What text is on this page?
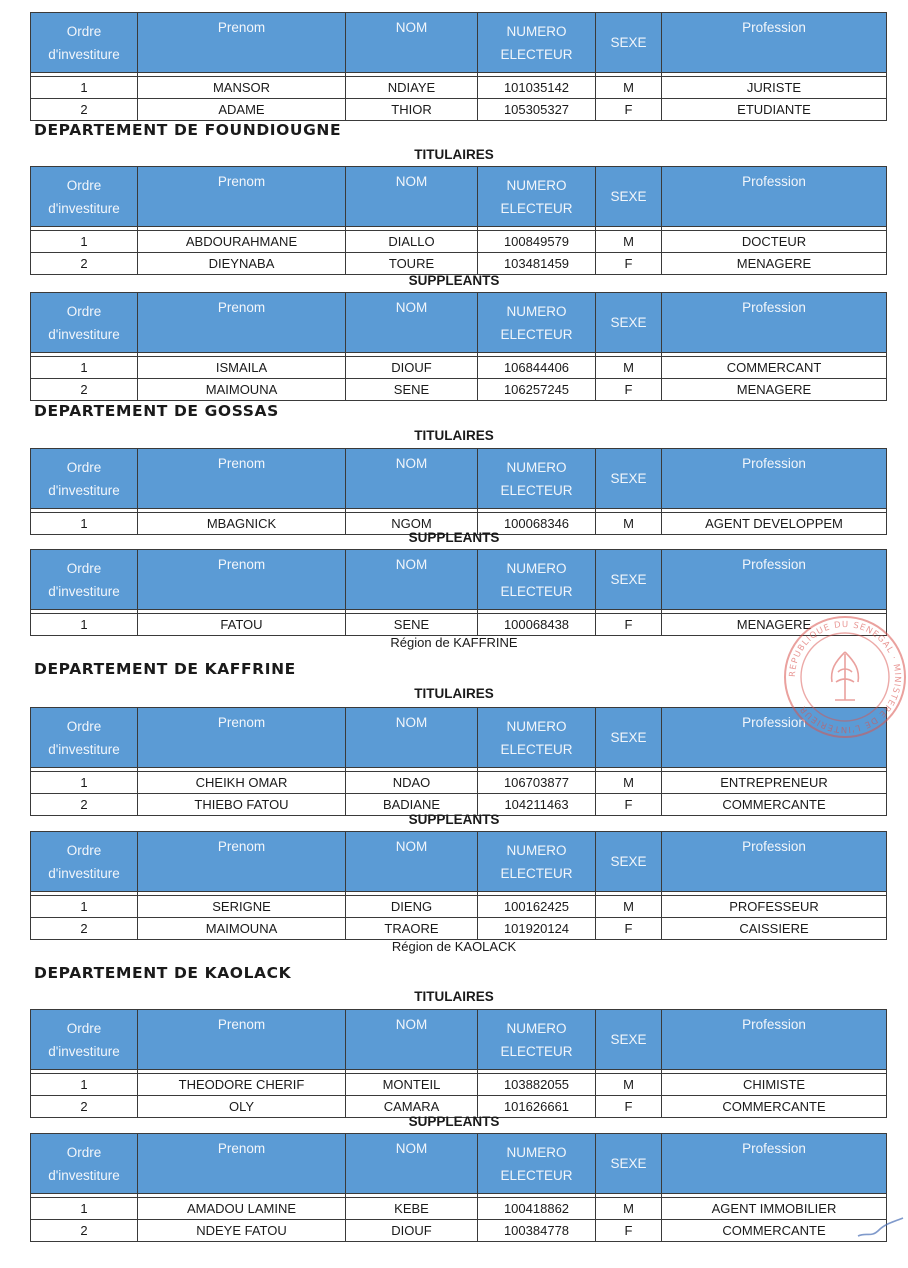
Ordre d'investiture	Prenom	NOM	NUMERO ELECTEUR	SEXE	Profession

1	MANSOR	NDIAYE	101035142	M	JURISTE
2	ADAME	THIOR	105305327	F	ETUDIANTE
DEPARTEMENT DE FOUNDIOUGNE
TITULAIRES
Ordre d'investiture	Prenom	NOM	NUMERO ELECTEUR	SEXE	Profession

1	ABDOURAHMANE	DIALLO	100849579	M	DOCTEUR
2	DIEYNABA	TOURE	103481459	F	MENAGERE
SUPPLEANTS
Ordre d'investiture	Prenom	NOM	NUMERO ELECTEUR	SEXE	Profession

1	ISMAILA	DIOUF	106844406	M	COMMERCANT
2	MAIMOUNA	SENE	106257245	F	MENAGERE
DEPARTEMENT DE GOSSAS
TITULAIRES
Ordre d'investiture	Prenom	NOM	NUMERO ELECTEUR	SEXE	Profession

1	MBAGNICK	NGOM	100068346	M	AGENT DEVELOPPEM
SUPPLEANTS
Ordre d'investiture	Prenom	NOM	NUMERO ELECTEUR	SEXE	Profession

1	FATOU	SENE	100068438	F	MENAGERE
Région de KAFFRINE
DEPARTEMENT DE KAFFRINE
TITULAIRES
Ordre d'investiture	Prenom	NOM	NUMERO ELECTEUR	SEXE	Profession

1	CHEIKH OMAR	NDAO	106703877	M	ENTREPRENEUR
2	THIEBO FATOU	BADIANE	104211463	F	COMMERCANTE
SUPPLEANTS
Ordre d'investiture	Prenom	NOM	NUMERO ELECTEUR	SEXE	Profession

1	SERIGNE	DIENG	100162425	M	PROFESSEUR
2	MAIMOUNA	TRAORE	101920124	F	CAISSIERE
Région de KAOLACK
DEPARTEMENT DE KAOLACK
TITULAIRES
Ordre d'investiture	Prenom	NOM	NUMERO ELECTEUR	SEXE	Profession

1	THEODORE CHERIF	MONTEIL	103882055	M	CHIMISTE
2	OLY	CAMARA	101626661	F	COMMERCANTE
SUPPLEANTS
Ordre d'investiture	Prenom	NOM	NUMERO ELECTEUR	SEXE	Profession

1	AMADOU LAMINE	KEBE	100418862	M	AGENT IMMOBILIER
2	NDEYE FATOU	DIOUF	100384778	F	COMMERCANTE
REPUBLIQUE DU SENEGAL · MINISTERE DE L'INTERIEUR
